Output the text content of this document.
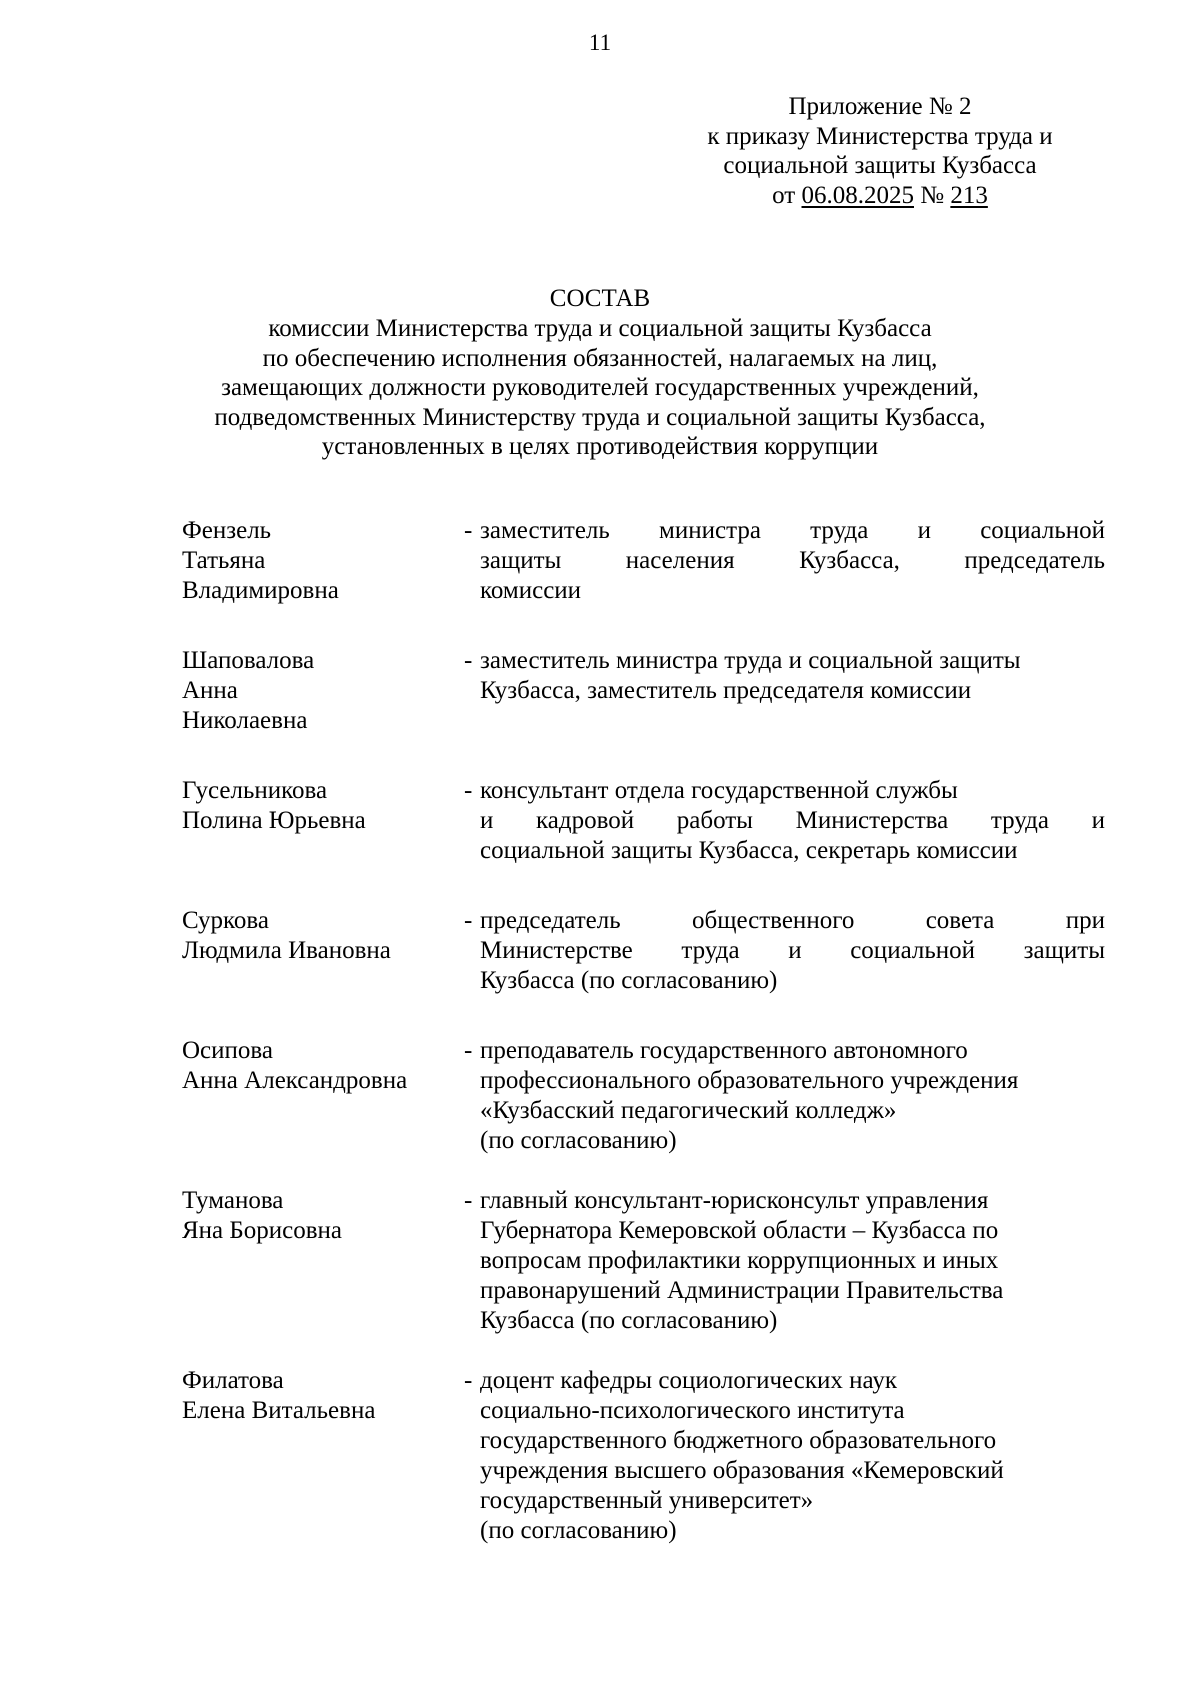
11
Приложение № 2
к приказу Министерства труда и
социальной защиты Кузбасса
от 06.08.2025 № 213
СОСТАВ
комиссии Министерства труда и социальной защиты Кузбасса
по обеспечению исполнения обязанностей, налагаемых на лиц,
замещающих должности руководителей государственных учреждений,
подведомственных Министерству труда и социальной защиты Кузбасса,
установленных в целях противодействия коррупции
Фензель
Татьяна
Владимировна
- заместитель министра труда и социальной
защиты населения Кузбасса, председатель
комиссии
Шаповалова
Анна
Николаевна
- заместитель министра труда и социальной защиты
Кузбасса, заместитель председателя комиссии
Гусельникова
Полина Юрьевна
- консультант отдела государственной службы
и кадровой работы Министерства труда и
социальной защиты Кузбасса, секретарь комиссии
Суркова
Людмила Ивановна
- председатель общественного совета при
Министерстве труда и социальной защиты
Кузбасса (по согласованию)
Осипова
Анна Александровна
- преподаватель государственного автономного
профессионального образовательного учреждения
«Кузбасский педагогический колледж»
(по согласованию)
Туманова
Яна Борисовна
- главный консультант-юрисконсульт управления
Губернатора Кемеровской области – Кузбасса по
вопросам профилактики коррупционных и иных
правонарушений Администрации Правительства
Кузбасса (по согласованию)
Филатова
Елена Витальевна
- доцент кафедры социологических наук
социально-психологического института
государственного бюджетного образовательного
учреждения высшего образования «Кемеровский
государственный университет»
(по согласованию)
